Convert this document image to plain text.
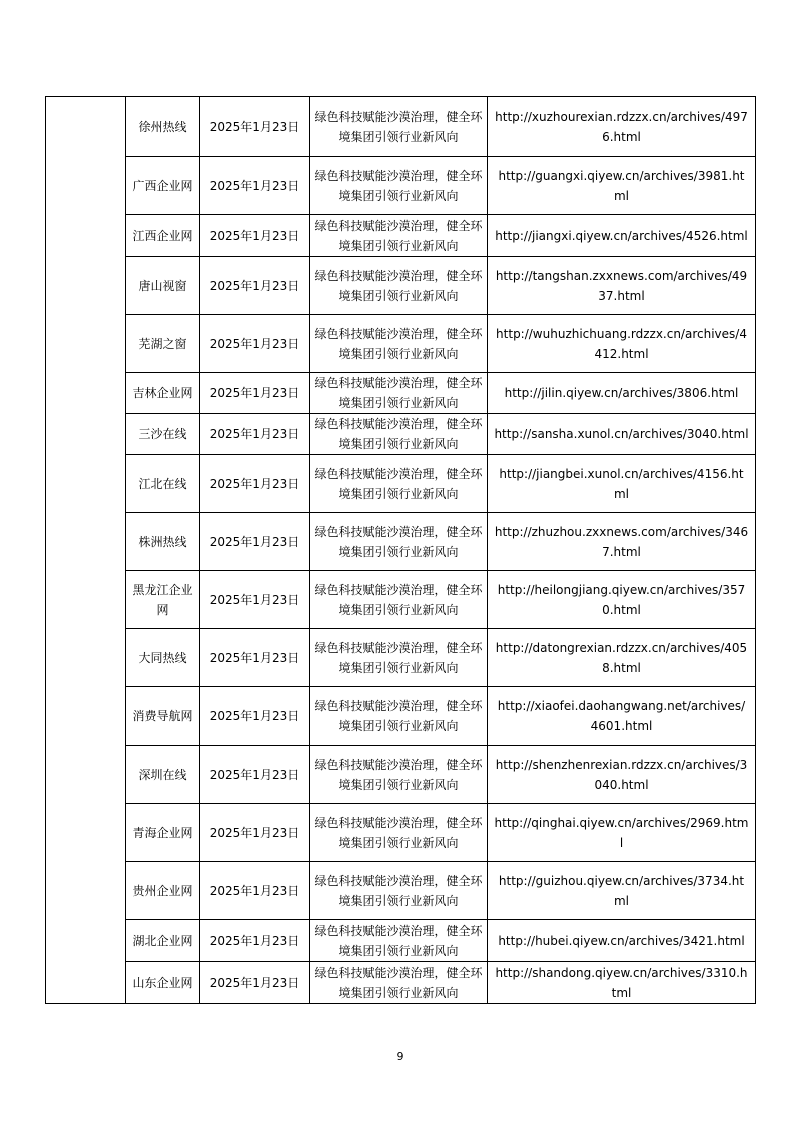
	徐州热线	2025年1月23日	绿色科技赋能沙漠治理，健全环境集团引领行业新风向	http://xuzhourexian.rdzzx.cn/archives/4976.html
	广西企业网	2025年1月23日	绿色科技赋能沙漠治理，健全环境集团引领行业新风向	http://guangxi.qiyew.cn/archives/3981.html
	江西企业网	2025年1月23日	绿色科技赋能沙漠治理，健全环境集团引领行业新风向	http://jiangxi.qiyew.cn/archives/4526.html
	唐山视窗	2025年1月23日	绿色科技赋能沙漠治理，健全环境集团引领行业新风向	http://tangshan.zxxnews.com/archives/4937.html
	芜湖之窗	2025年1月23日	绿色科技赋能沙漠治理，健全环境集团引领行业新风向	http://wuhuzhichuang.rdzzx.cn/archives/4412.html
	吉林企业网	2025年1月23日	绿色科技赋能沙漠治理，健全环境集团引领行业新风向	http://jilin.qiyew.cn/archives/3806.html
	三沙在线	2025年1月23日	绿色科技赋能沙漠治理，健全环境集团引领行业新风向	http://sansha.xunol.cn/archives/3040.html
	江北在线	2025年1月23日	绿色科技赋能沙漠治理，健全环境集团引领行业新风向	http://jiangbei.xunol.cn/archives/4156.html
	株洲热线	2025年1月23日	绿色科技赋能沙漠治理，健全环境集团引领行业新风向	http://zhuzhou.zxxnews.com/archives/3467.html
	黑龙江企业网	2025年1月23日	绿色科技赋能沙漠治理，健全环境集团引领行业新风向	http://heilongjiang.qiyew.cn/archives/3570.html
	大同热线	2025年1月23日	绿色科技赋能沙漠治理，健全环境集团引领行业新风向	http://datongrexian.rdzzx.cn/archives/4058.html
	消费导航网	2025年1月23日	绿色科技赋能沙漠治理，健全环境集团引领行业新风向	http://xiaofei.daohangwang.net/archives/4601.html
	深圳在线	2025年1月23日	绿色科技赋能沙漠治理，健全环境集团引领行业新风向	http://shenzhenrexian.rdzzx.cn/archives/3040.html
	青海企业网	2025年1月23日	绿色科技赋能沙漠治理，健全环境集团引领行业新风向	http://qinghai.qiyew.cn/archives/2969.html
	贵州企业网	2025年1月23日	绿色科技赋能沙漠治理，健全环境集团引领行业新风向	http://guizhou.qiyew.cn/archives/3734.html
	湖北企业网	2025年1月23日	绿色科技赋能沙漠治理，健全环境集团引领行业新风向	http://hubei.qiyew.cn/archives/3421.html
	山东企业网	2025年1月23日	绿色科技赋能沙漠治理，健全环境集团引领行业新风向	http://shandong.qiyew.cn/archives/3310.html
9
